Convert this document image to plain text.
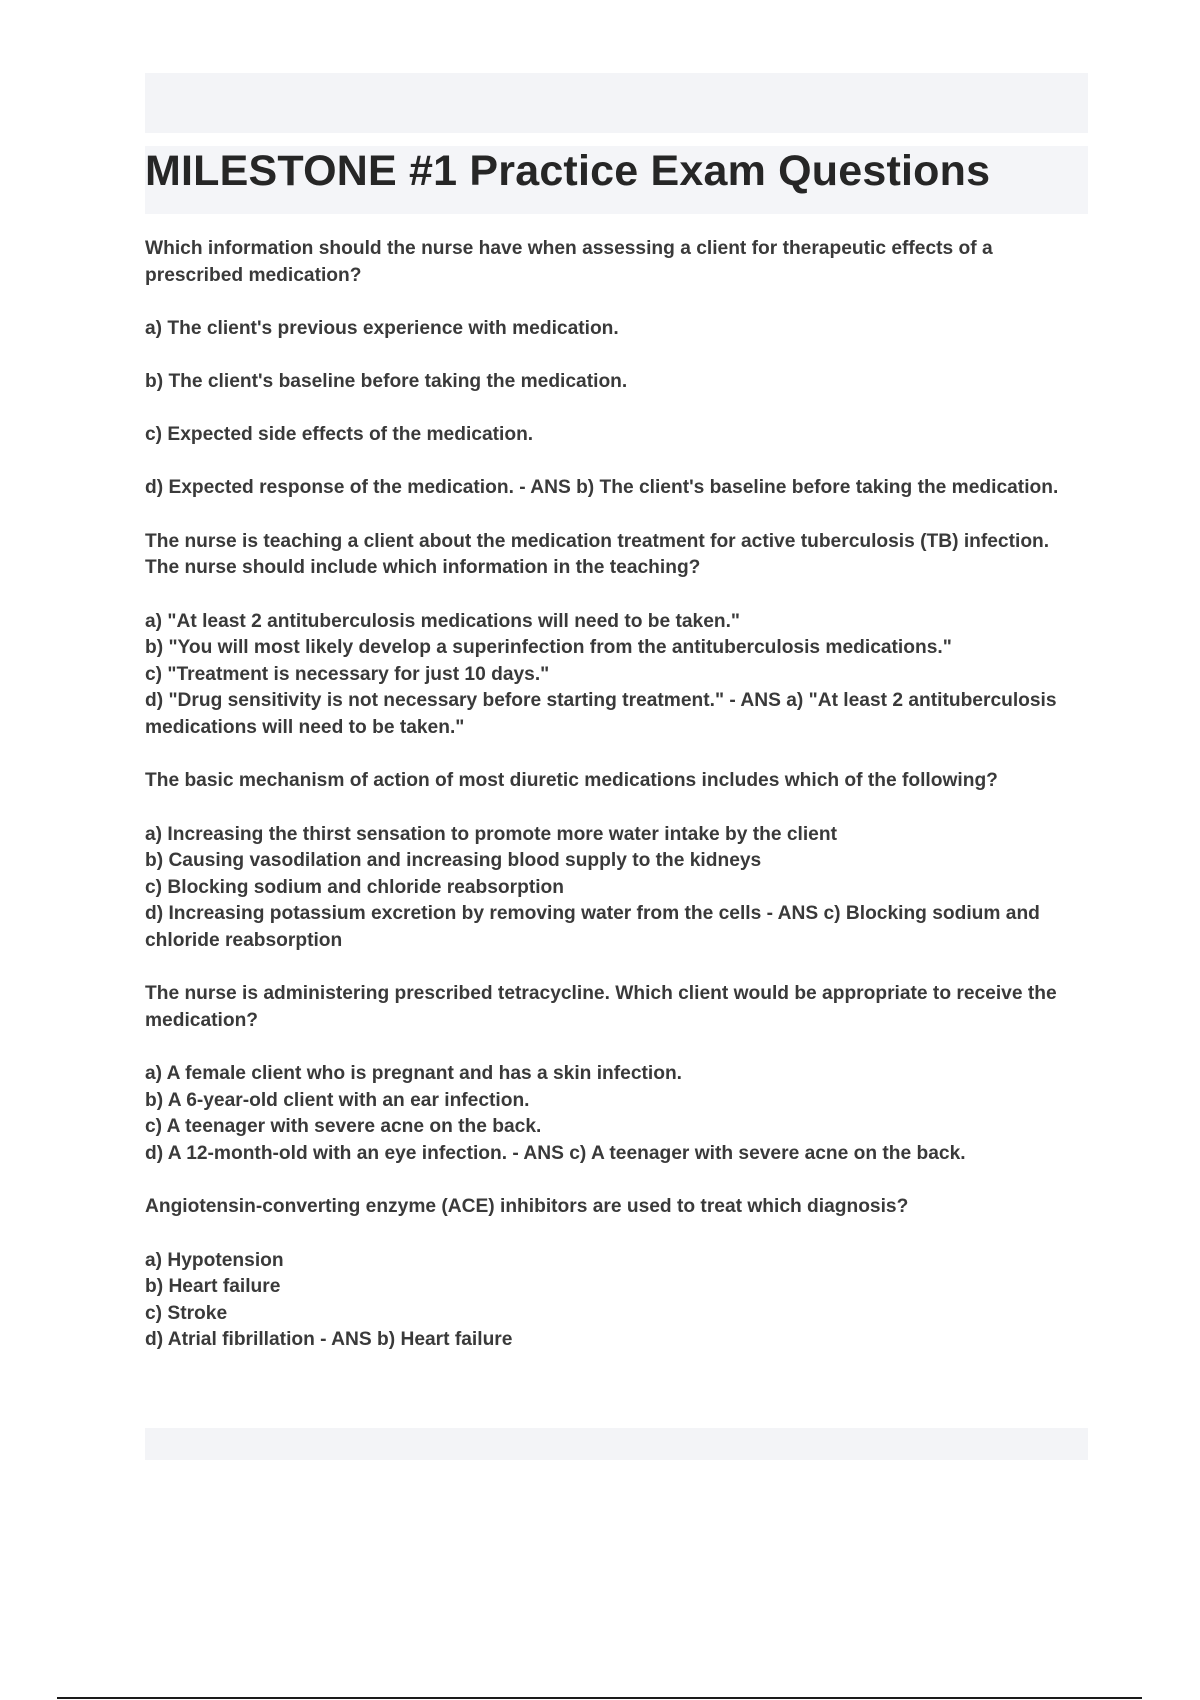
MILESTONE #1 Practice Exam Questions

Which information should the nurse have when assessing a client for therapeutic effects of a prescribed medication?

a) The client's previous experience with medication.

b) The client's baseline before taking the medication.

c) Expected side effects of the medication.

d) Expected response of the medication. - ANS b) The client's baseline before taking the medication.

The nurse is teaching a client about the medication treatment for active tuberculosis (TB) infection. The nurse should include which information in the teaching?

a) "At least 2 antituberculosis medications will need to be taken."

b) "You will most likely develop a superinfection from the antituberculosis medications."

c) "Treatment is necessary for just 10 days."

d) "Drug sensitivity is not necessary before starting treatment." - ANS a) "At least 2 antituberculosis medications will need to be taken."

The basic mechanism of action of most diuretic medications includes which of the following?

a) Increasing the thirst sensation to promote more water intake by the client

b) Causing vasodilation and increasing blood supply to the kidneys

c) Blocking sodium and chloride reabsorption

d) Increasing potassium excretion by removing water from the cells - ANS c) Blocking sodium and chloride reabsorption

The nurse is administering prescribed tetracycline. Which client would be appropriate to receive the medication?

a) A female client who is pregnant and has a skin infection.

b) A 6-year-old client with an ear infection.

c) A teenager with severe acne on the back.

d) A 12-month-old with an eye infection. - ANS c) A teenager with severe acne on the back.

Angiotensin-converting enzyme (ACE) inhibitors are used to treat which diagnosis?

a) Hypotension

b) Heart failure

c) Stroke

d) Atrial fibrillation - ANS b) Heart failure
